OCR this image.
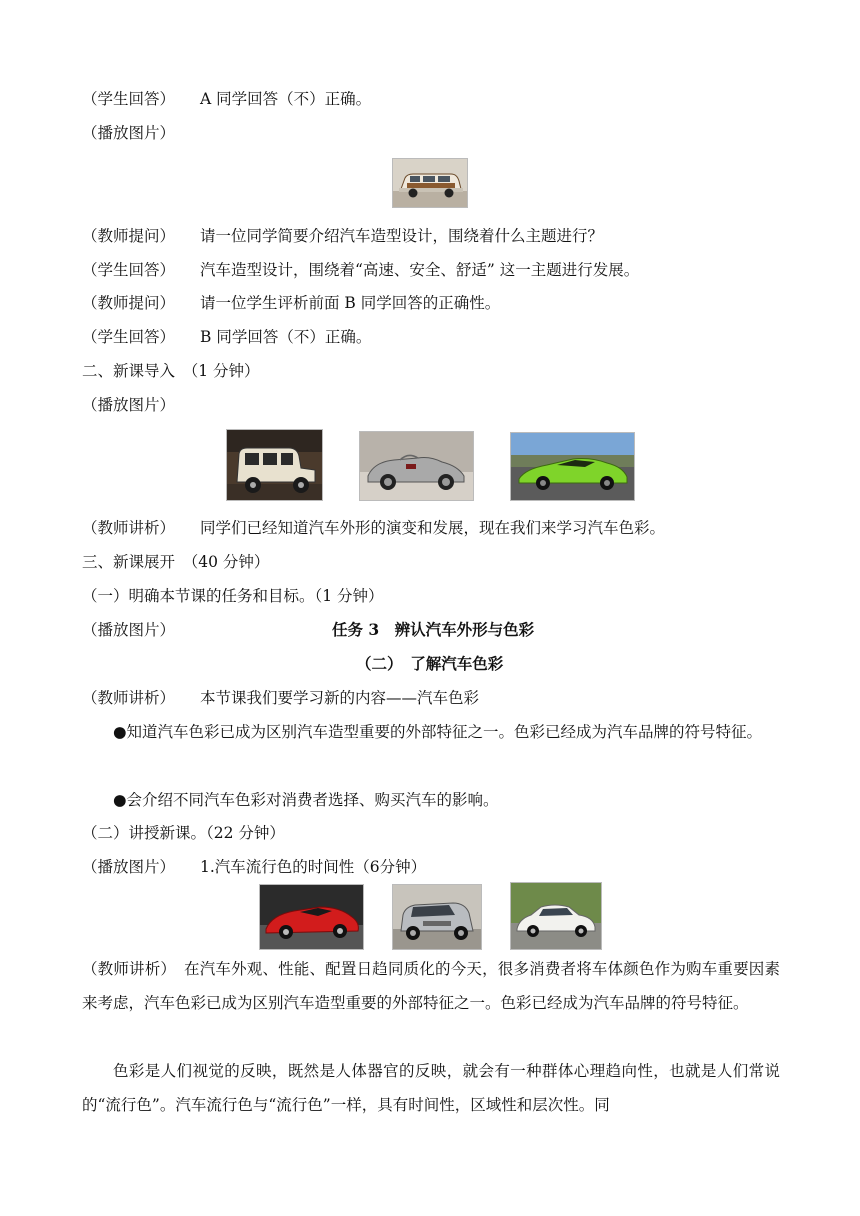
（学生回答） A 同学回答（不）正确。
（播放图片）
（教师提问） 请一位同学简要介绍汽车造型设计，围绕着什么主题进行？
（学生回答） 汽车造型设计，围绕着“高速、安全、舒适” 这一主题进行发展。
（教师提问） 请一位学生评析前面 B 同学回答的正确性。
（学生回答） B 同学回答（不）正确。
二、新课导入　（1 分钟）
（播放图片）
（教师讲析） 同学们已经知道汽车外形的演变和发展，现在我们来学习汽车色彩。
三、新课展开　（40 分钟）
（一）明确本节课的任务和目标。（1 分钟）
（播放图片）	任务 3　辨认汽车外形与色彩
（二）　了解汽车色彩
（教师讲析） 本节课我们要学习新的内容——汽车色彩
●知道汽车色彩已成为区别汽车造型重要的外部特征之一。色彩已经成为汽车品牌的符号特征。
●会介绍不同汽车色彩对消费者选择、购买汽车的影响。
（二）讲授新课。（22 分钟）
（播放图片） 1.汽车流行色的时间性（6分钟）
（教师讲析）　在汽车外观、性能、配置日趋同质化的今天，很多消费者将车体颜色作为购车重要因素来考虑，汽车色彩已成为区别汽车造型重要的外部特征之一。色彩已经成为汽车品牌的符号特征。
色彩是人们视觉的反映，既然是人体器官的反映，就会有一种群体心理趋向性，也就是人们常说的“流行色”。汽车流行色与“流行色”一样，具有时间性，区域性和层次性。同
